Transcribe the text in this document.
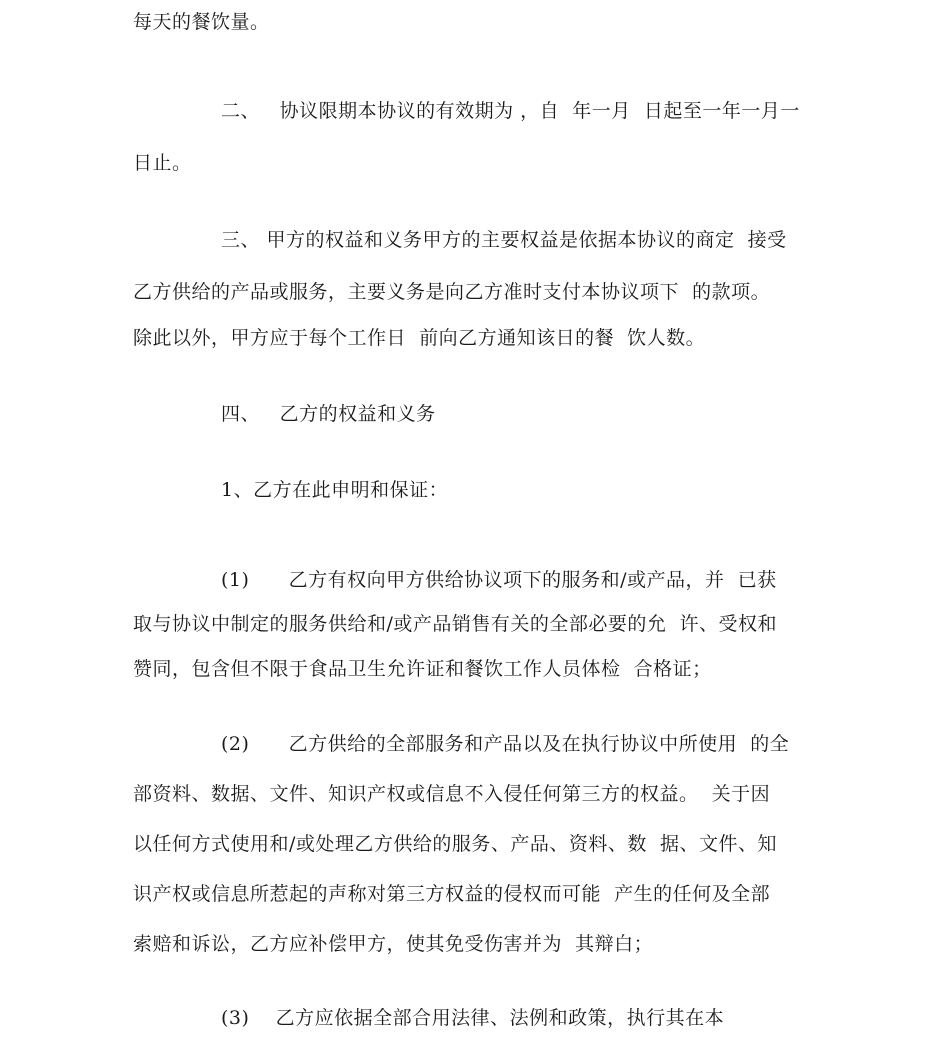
每天的餐饮量。
二、   协议限期本协议的有效期为 ，自  年一月  日起至一年一月一
日止。
三、 甲方的权益和义务甲方的主要权益是依据本协议的商定  接受
乙方供给的产品或服务，主要义务是向乙方准时支付本协议项下  的款项。
除此以外，甲方应于每个工作日  前向乙方通知该日的餐  饮人数。
四、   乙方的权益和义务
1、乙方在此申明和保证：
(1)      乙方有权向甲方供给协议项下的服务和/或产品，并  已获
取与协议中制定的服务供给和/或产品销售有关的全部必要的允  许、受权和
赞同，包含但不限于食品卫生允许证和餐饮工作人员体检  合格证；
(2)      乙方供给的全部服务和产品以及在执行协议中所使用  的全
部资料、数据、文件、知识产权或信息不入侵任何第三方的权益。  关于因
以任何方式使用和/或处理乙方供给的服务、产品、资料、数  据、文件、知
识产权或信息所惹起的声称对第三方权益的侵权而可能  产生的任何及全部
索赔和诉讼，乙方应补偿甲方，使其免受伤害并为  其辩白；
(3)    乙方应依据全部合用法律、法例和政策，执行其在本
